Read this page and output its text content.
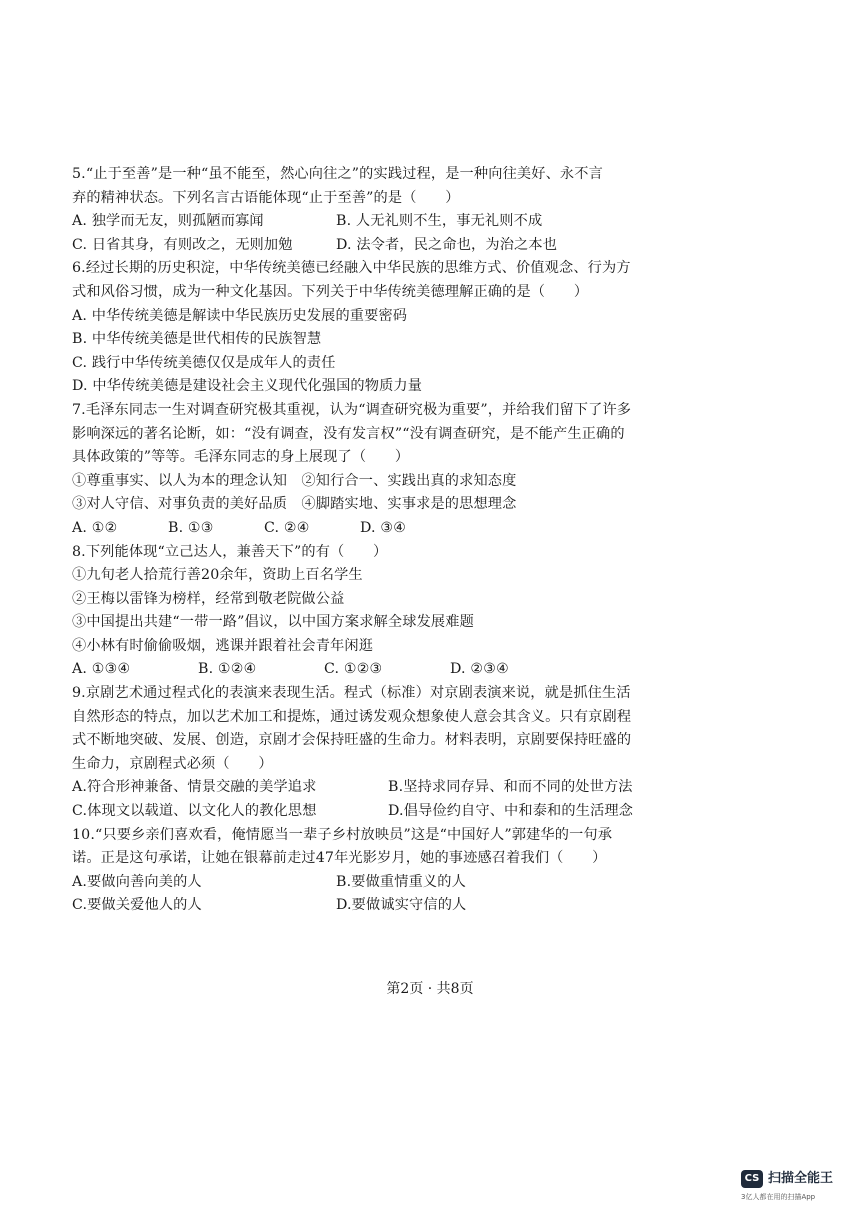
5.“止于至善”是一种“虽不能至，然心向往之”的实践过程，是一种向往美好、永不言
弃的精神状态。下列名言古语能体现“止于至善”的是（　　）
A. 独学而无友，则孤陋而寡闻	B. 人无礼则不生，事无礼则不成
C. 日省其身，有则改之，无则加勉	D. 法令者，民之命也，为治之本也
6.经过长期的历史积淀，中华传统美德已经融入中华民族的思维方式、价值观念、行为方
式和风俗习惯，成为一种文化基因。下列关于中华传统美德理解正确的是（　　）
A. 中华传统美德是解读中华民族历史发展的重要密码
B. 中华传统美德是世代相传的民族智慧
C. 践行中华传统美德仅仅是成年人的责任
D. 中华传统美德是建设社会主义现代化强国的物质力量
7.毛泽东同志一生对调查研究极其重视，认为“调查研究极为重要”，并给我们留下了许多
影响深远的著名论断，如：“没有调查，没有发言权”“没有调查研究，是不能产生正确的
具体政策的”等等。毛泽东同志的身上展现了（　　）
①尊重事实、以人为本的理念认知　②知行合一、实践出真的求知态度
③对人守信、对事负责的美好品质　④脚踏实地、实事求是的思想理念
A. ①②	B. ①③	C. ②④	D. ③④
8.下列能体现“立己达人，兼善天下”的有（　　）
①九旬老人拾荒行善20余年，资助上百名学生
②王梅以雷锋为榜样，经常到敬老院做公益
③中国提出共建“一带一路”倡议，以中国方案求解全球发展难题
④小林有时偷偷吸烟，逃课并跟着社会青年闲逛
A. ①③④	B. ①②④	C. ①②③	D. ②③④
9.京剧艺术通过程式化的表演来表现生活。程式（标准）对京剧表演来说，就是抓住生活
自然形态的特点，加以艺术加工和提炼，通过诱发观众想象使人意会其含义。只有京剧程
式不断地突破、发展、创造，京剧才会保持旺盛的生命力。材料表明，京剧要保持旺盛的
生命力，京剧程式必须（　　）
A.符合形神兼备、情景交融的美学追求	B.坚持求同存异、和而不同的处世方法
C.体现文以载道、以文化人的教化思想	D.倡导俭约自守、中和泰和的生活理念
10.“只要乡亲们喜欢看，俺情愿当一辈子乡村放映员”这是“中国好人”郭建华的一句承
诺。正是这句承诺，让她在银幕前走过47年光影岁月，她的事迹感召着我们（　　）
A.要做向善向美的人	B.要做重情重义的人
C.要做关爱他人的人	D.要做诚实守信的人
第2页 · 共8页
CS 扫描全能王
3亿人都在用的扫描App
